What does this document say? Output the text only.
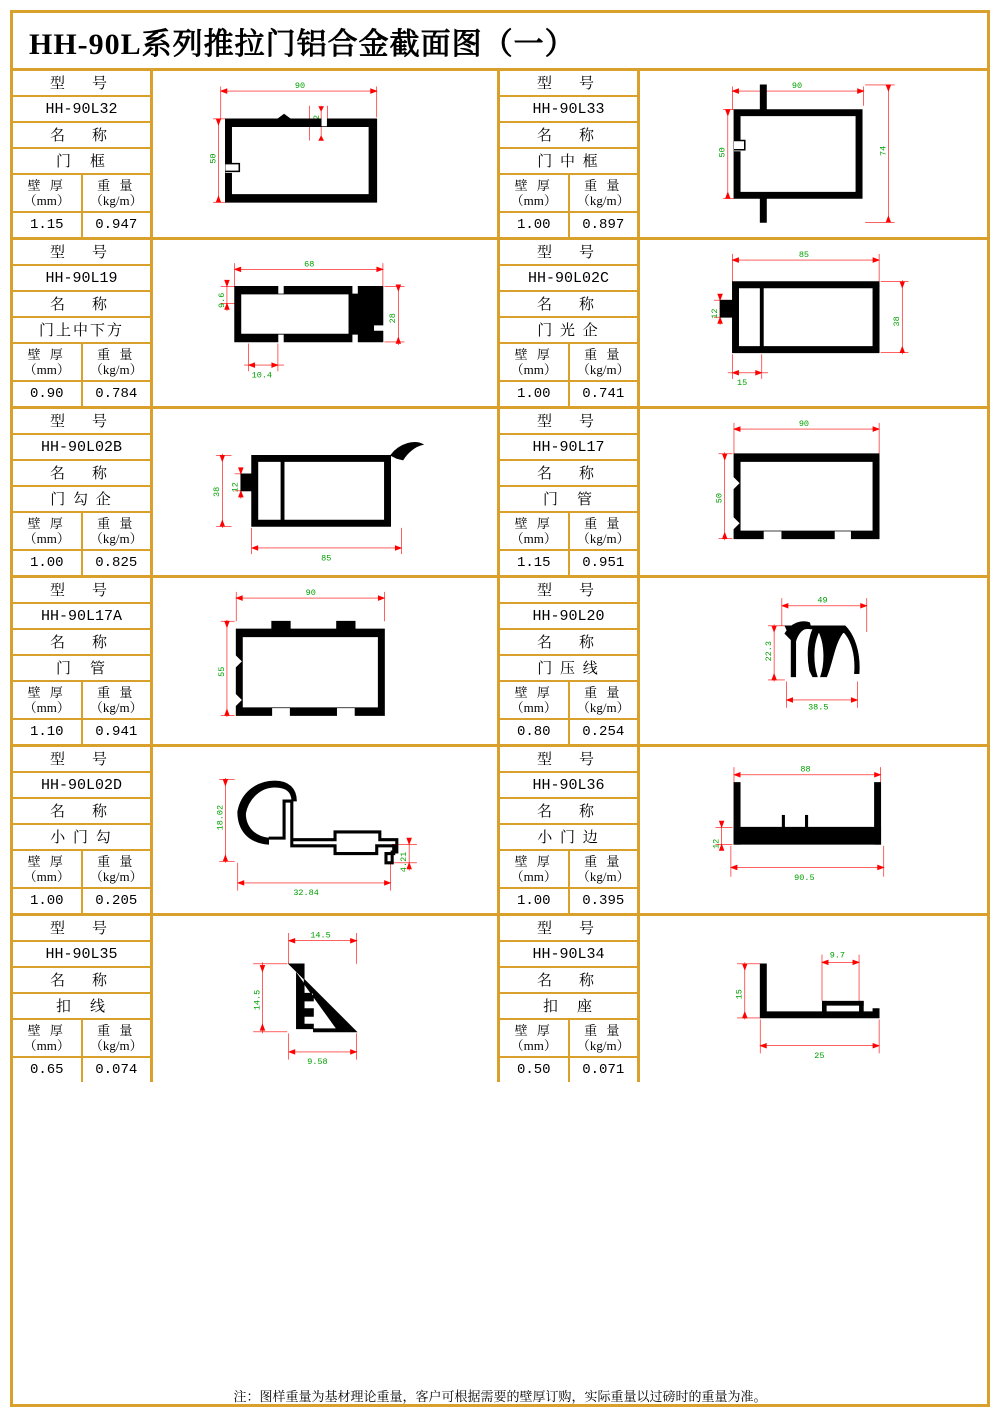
HH-90L系列推拉门铝合金截面图（一）
型　号
HH-90L32
名　称
门　框
壁 厚
（mm）
重 量
（kg/m）
1.15	0.947
90
50
型　号
HH-90L33
名　称
门 中 框
壁 厚
（mm）
重 量
（kg/m）
1.00	0.897
90
50	74
型　号
HH-90L19
名　称
门上中下方
壁 厚
（mm）
重 量
（kg/m）
0.90	0.784
68
9.6
28
10.4
型　号
HH-90L02C
名　称
门 光 企
壁 厚
（mm）
重 量
（kg/m）
1.00	0.741
85
12
38
15
型　号
HH-90L02B
名　称
门 勾 企
壁 厚
（mm）
重 量
（kg/m）
1.00	0.825
38 12
85
型　号
HH-90L17
名　称
门　管
壁 厚
（mm）
重 量
（kg/m）
1.15	0.951
90
50
型　号
HH-90L17A
名　称
门　管
壁 厚
（mm）
重 量
（kg/m）
1.10	0.941
90
55
型　号
HH-90L20
名　称
门 压 线
壁 厚
（mm）
重 量
（kg/m）
0.80	0.254
49
22.3
38.5
型　号
HH-90L02D
名　称
小 门 勾
壁 厚
（mm）
重 量
（kg/m）
1.00	0.205
18.02
32.84
4.21
型　号
HH-90L36
名　称
小 门 边
壁 厚
（mm）
重 量
（kg/m）
1.00	0.395
88
12
90.5
型　号
HH-90L35
名　称
扣　线
壁 厚
（mm）
重 量
（kg/m）
0.65	0.074
14.5
14.5
9.58
型　号
HH-90L34
名　称
扣　座
壁 厚
（mm）
重 量
（kg/m）
0.50	0.071
15
9.7
25
注：图样重量为基材理论重量，客户可根据需要的壁厚订购，实际重量以过磅时的重量为准。
